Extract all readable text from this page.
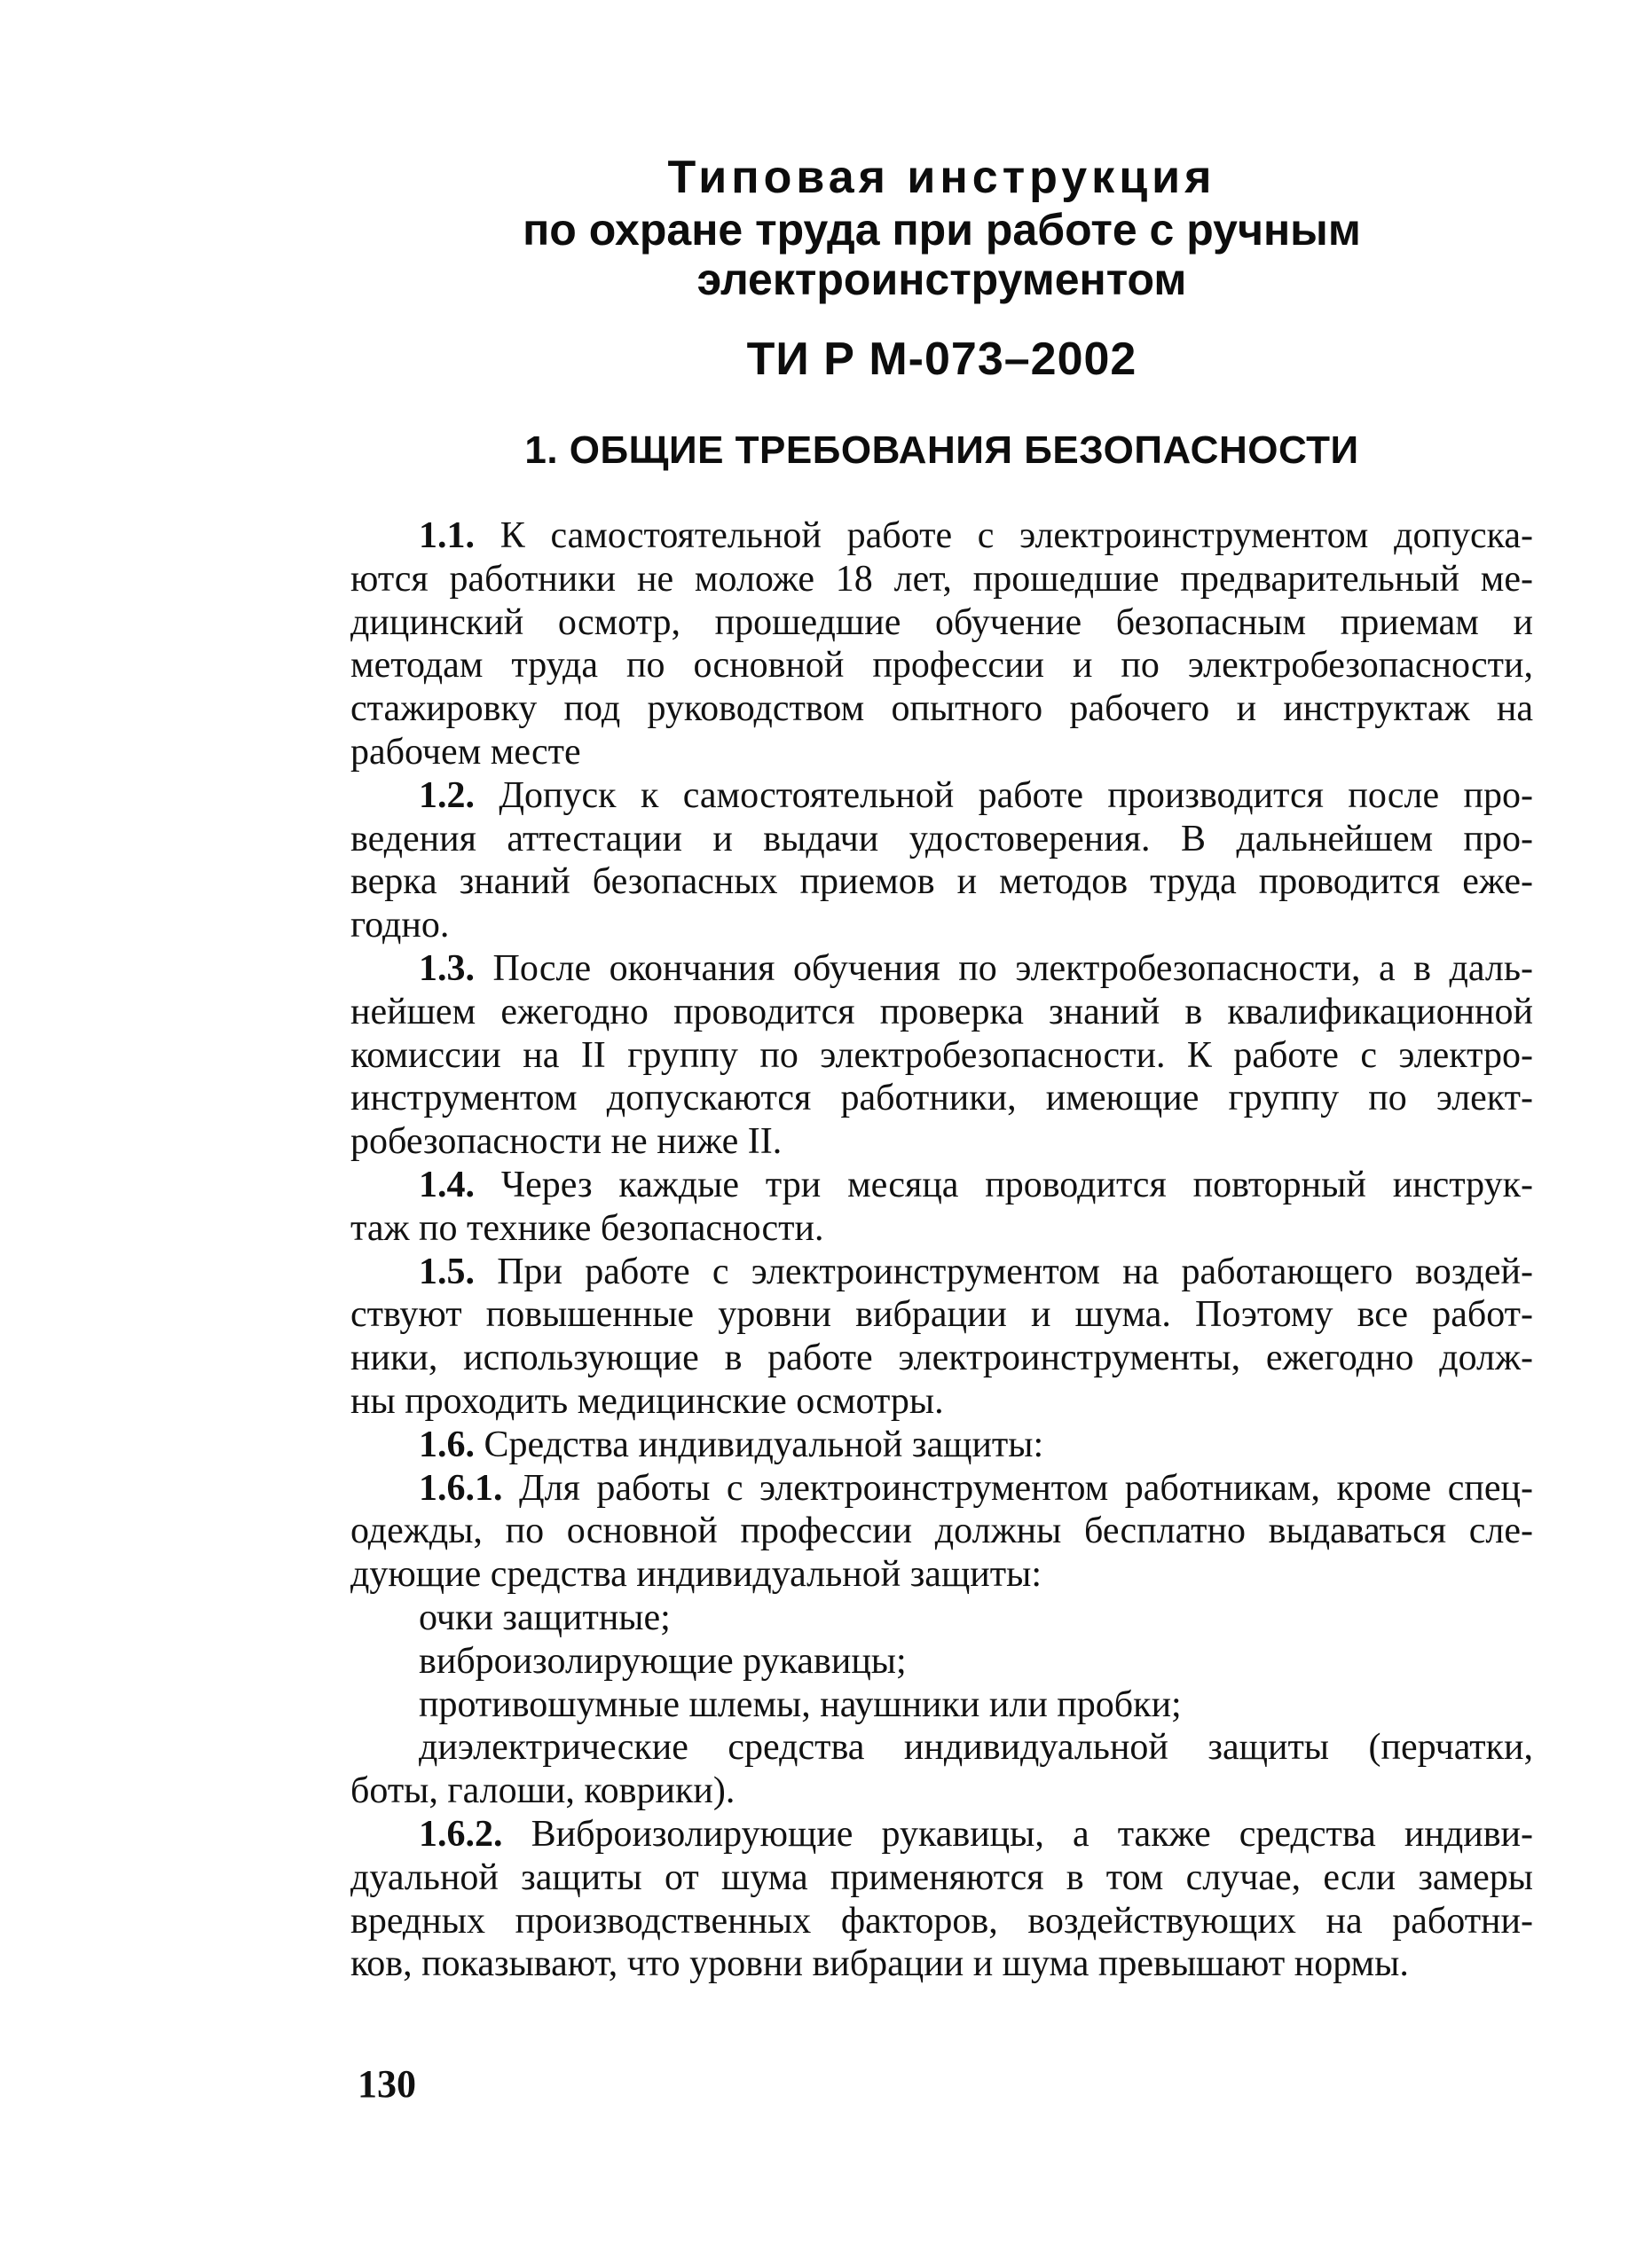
Типовая инструкция
по охране труда при работе с ручным
электроинструментом
ТИ Р М-073–2002
1. ОБЩИЕ ТРЕБОВАНИЯ БЕЗОПАСНОСТИ
1.1. К самостоятельной работе с электроинструментом допуска-
ются работники не моложе 18 лет, прошедшие предварительный ме-
дицинский осмотр, прошедшие обучение безопасным приемам и
методам труда по основной профессии и по электробезопасности,
стажировку под руководством опытного рабочего и инструктаж на
рабочем месте
1.2. Допуск к самостоятельной работе производится после про-
ведения аттестации и выдачи удостоверения. В дальнейшем про-
верка знаний безопасных приемов и методов труда проводится еже-
годно.
1.3. После окончания обучения по электробезопасности, а в даль-
нейшем ежегодно проводится проверка знаний в квалификационной
комиссии на II группу по электробезопасности. К работе с электро-
инструментом допускаются работники, имеющие группу по элект-
робезопасности не ниже II.
1.4. Через каждые три месяца проводится повторный инструк-
таж по технике безопасности.
1.5. При работе с электроинструментом на работающего воздей-
ствуют повышенные уровни вибрации и шума. Поэтому все работ-
ники, использующие в работе электроинструменты, ежегодно долж-
ны проходить медицинские осмотры.
1.6. Средства индивидуальной защиты:
1.6.1. Для работы с электроинструментом работникам, кроме спец-
одежды, по основной профессии должны бесплатно выдаваться сле-
дующие средства индивидуальной защиты:
очки защитные;
виброизолирующие рукавицы;
противошумные шлемы, наушники или пробки;
диэлектрические средства индивидуальной защиты (перчатки,
боты, галоши, коврики).
1.6.2. Виброизолирующие рукавицы, а также средства индиви-
дуальной защиты от шума применяются в том случае, если замеры
вредных производственных факторов, воздействующих на работни-
ков, показывают, что уровни вибрации и шума превышают нормы.
130
